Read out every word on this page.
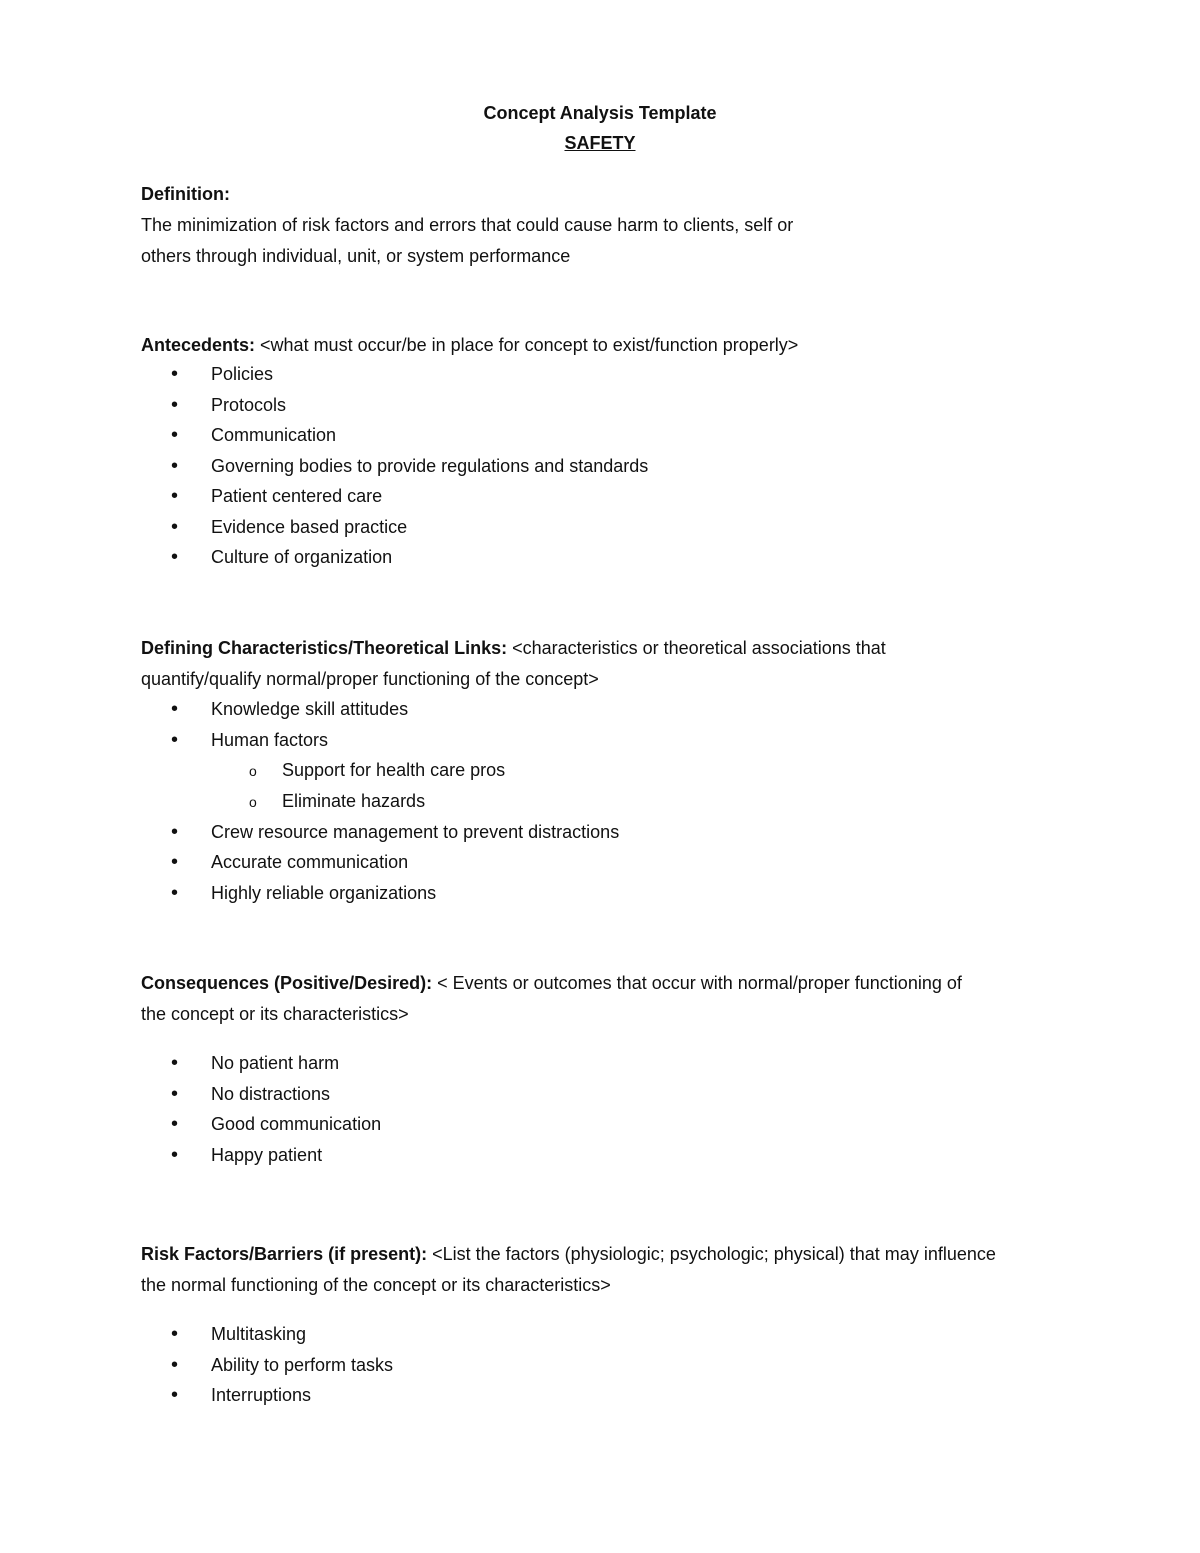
Concept Analysis Template
SAFETY

Definition:
The minimization of risk factors and errors that could cause harm to clients, self or
others through individual, unit, or system performance

Antecedents: <what must occur/be in place for concept to exist/function properly>

• Policies
• Protocols
• Communication
• Governing bodies to provide regulations and standards
• Patient centered care
• Evidence based practice
• Culture of organization

Defining Characteristics/Theoretical Links: <characteristics or theoretical associations that
quantify/qualify normal/proper functioning of the concept>

• Knowledge skill attitudes
• Human factors
o Support for health care pros
o Eliminate hazards
• Crew resource management to prevent distractions
• Accurate communication
• Highly reliable organizations

Consequences (Positive/Desired): < Events or outcomes that occur with normal/proper functioning of
the concept or its characteristics>

• No patient harm
• No distractions
• Good communication
• Happy patient

Risk Factors/Barriers (if present): <List the factors (physiologic; psychologic; physical) that may influence
the normal functioning of the concept or its characteristics>

• Multitasking
• Ability to perform tasks
• Interruptions
